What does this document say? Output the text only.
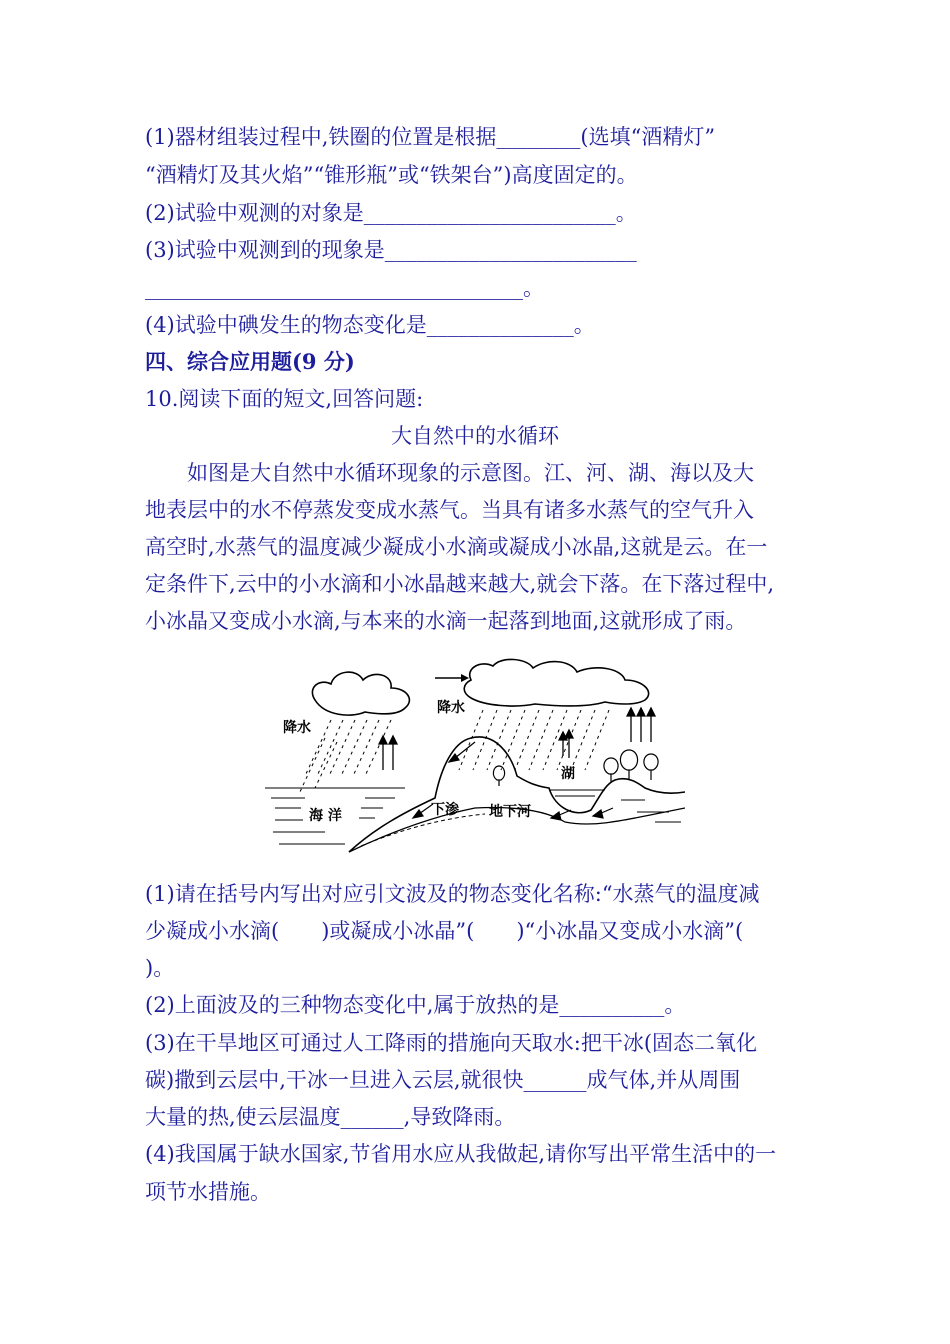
(1)器材组装过程中,铁圈的位置是根据________(选填“酒精灯”
“酒精灯及其火焰”“锥形瓶”或“铁架台”)高度固定的。
(2)试验中观测的对象是________________________。
(3)试验中观测到的现象是________________________
____________________________________。
(4)试验中碘发生的物态变化是______________。
四、综合应用题(9 分)
10.阅读下面的短文,回答问题:
大自然中的水循环
　　如图是大自然中水循环现象的示意图。江、河、湖、海以及大
地表层中的水不停蒸发变成水蒸气。当具有诸多水蒸气的空气升入
高空时,水蒸气的温度减少凝成小水滴或凝成小冰晶,这就是云。在一
定条件下,云中的小水滴和小冰晶越来越大,就会下落。在下落过程中,
小冰晶又变成小水滴,与本来的水滴一起落到地面,这就形成了雨。
降水
降水
湖
海 洋	下渗 地下河
(1)请在括号内写出对应引文波及的物态变化名称:“水蒸气的温度减
少凝成小水滴(　　)或凝成小冰晶”(　　)“小冰晶又变成小水滴”(
)。
(2)上面波及的三种物态变化中,属于放热的是__________。
(3)在干旱地区可通过人工降雨的措施向天取水:把干冰(固态二氧化
碳)撒到云层中,干冰一旦进入云层,就很快______成气体,并从周围
大量的热,使云层温度______,导致降雨。
(4)我国属于缺水国家,节省用水应从我做起,请你写出平常生活中的一
项节水措施。
